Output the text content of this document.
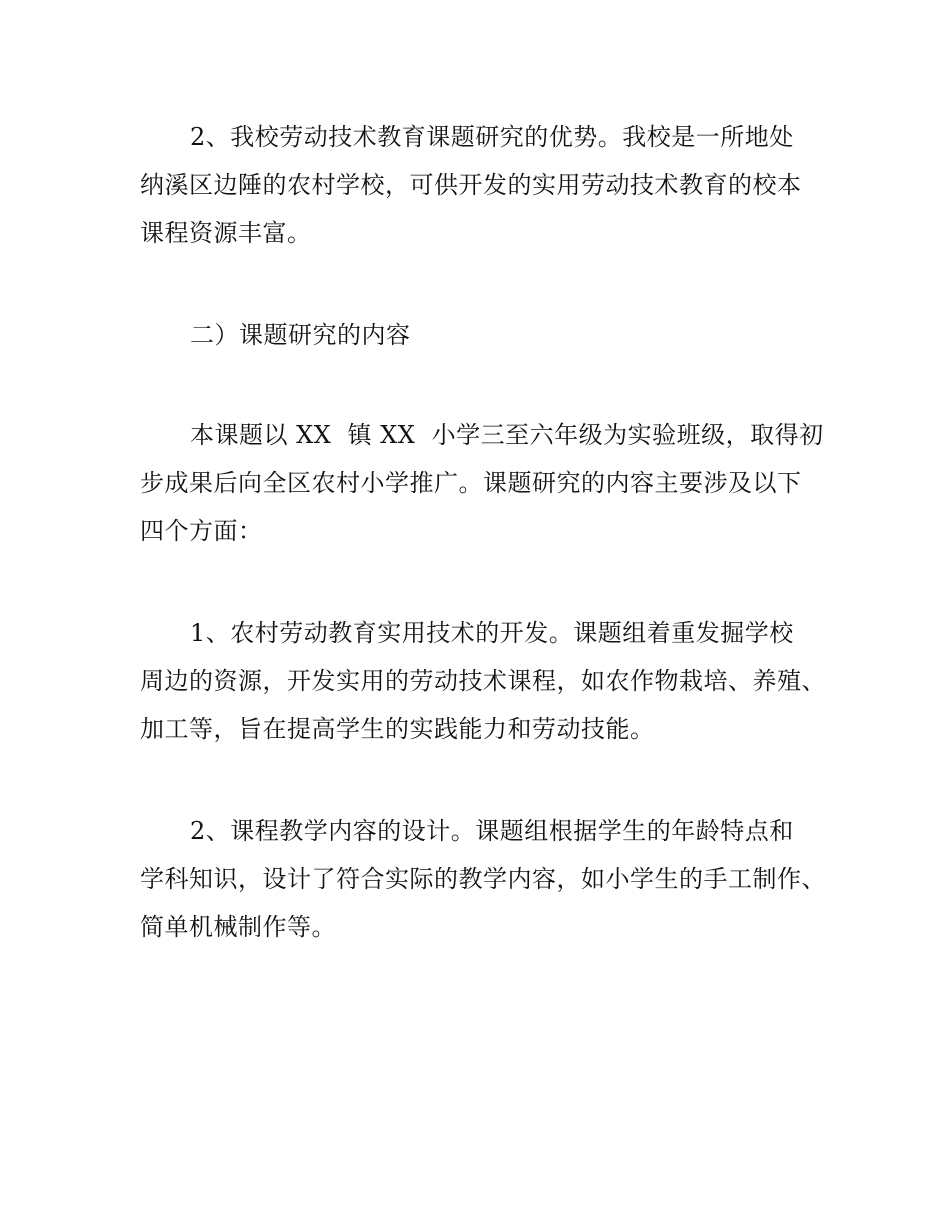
2、我校劳动技术教育课题研究的优势。我校是一所地处
纳溪区边陲的农村学校，可供开发的实用劳动技术教育的校本
课程资源丰富。

二）课题研究的内容

本课题以 XX  镇 XX  小学三至六年级为实验班级，取得初
步成果后向全区农村小学推广。课题研究的内容主要涉及以下
四个方面：

1、农村劳动教育实用技术的开发。课题组着重发掘学校
周边的资源，开发实用的劳动技术课程，如农作物栽培、养殖、
加工等，旨在提高学生的实践能力和劳动技能。

2、课程教学内容的设计。课题组根据学生的年龄特点和
学科知识，设计了符合实际的教学内容，如小学生的手工制作、
简单机械制作等。
